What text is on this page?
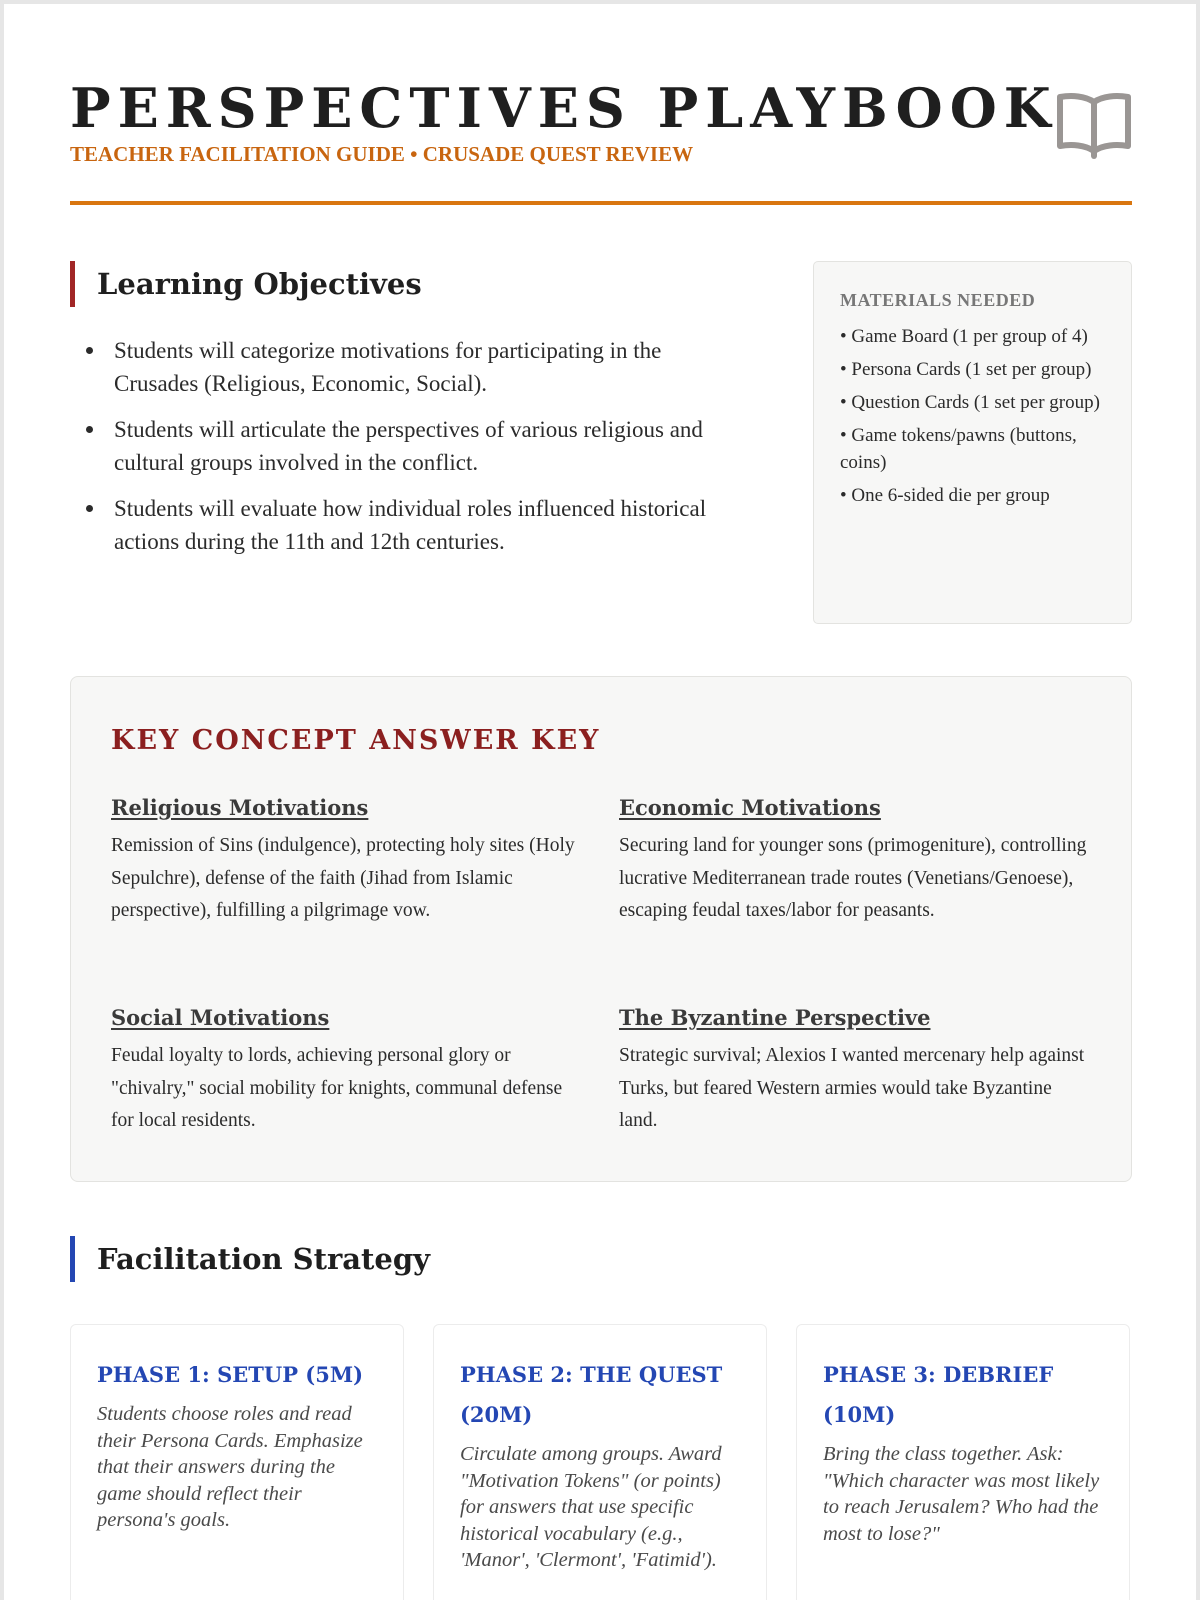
PERSPECTIVES PLAYBOOK
TEACHER FACILITATION GUIDE • CRUSADE QUEST REVIEW
Learning Objectives
Students will categorize motivations for participating in the Crusades (Religious, Economic, Social).
Students will articulate the perspectives of various religious and cultural groups involved in the conflict.
Students will evaluate how individual roles influenced historical actions during the 11th and 12th centuries.
MATERIALS NEEDED
• Game Board (1 per group of 4)
• Persona Cards (1 set per group)
• Question Cards (1 set per group)
• Game tokens/pawns (buttons, coins)
• One 6-sided die per group
KEY CONCEPT ANSWER KEY
Religious Motivations
Remission of Sins (indulgence), protecting holy sites (Holy Sepulchre), defense of the faith (Jihad from Islamic perspective), fulfilling a pilgrimage vow.
Economic Motivations
Securing land for younger sons (primogeniture), controlling lucrative Mediterranean trade routes (Venetians/Genoese), escaping feudal taxes/labor for peasants.
Social Motivations
Feudal loyalty to lords, achieving personal glory or "chivalry," social mobility for knights, communal defense for local residents.
The Byzantine Perspective
Strategic survival; Alexios I wanted mercenary help against Turks, but feared Western armies would take Byzantine land.
Facilitation Strategy
PHASE 1: SETUP (5M)
Students choose roles and read their Persona Cards. Emphasize that their answers during the game should reflect their persona's goals.
PHASE 2: THE QUEST (20M)
Circulate among groups. Award "Motivation Tokens" (or points) for answers that use specific historical vocabulary (e.g., 'Manor', 'Clermont', 'Fatimid').
PHASE 3: DEBRIEF (10M)
Bring the class together. Ask: "Which character was most likely to reach Jerusalem? Who had the most to lose?"
